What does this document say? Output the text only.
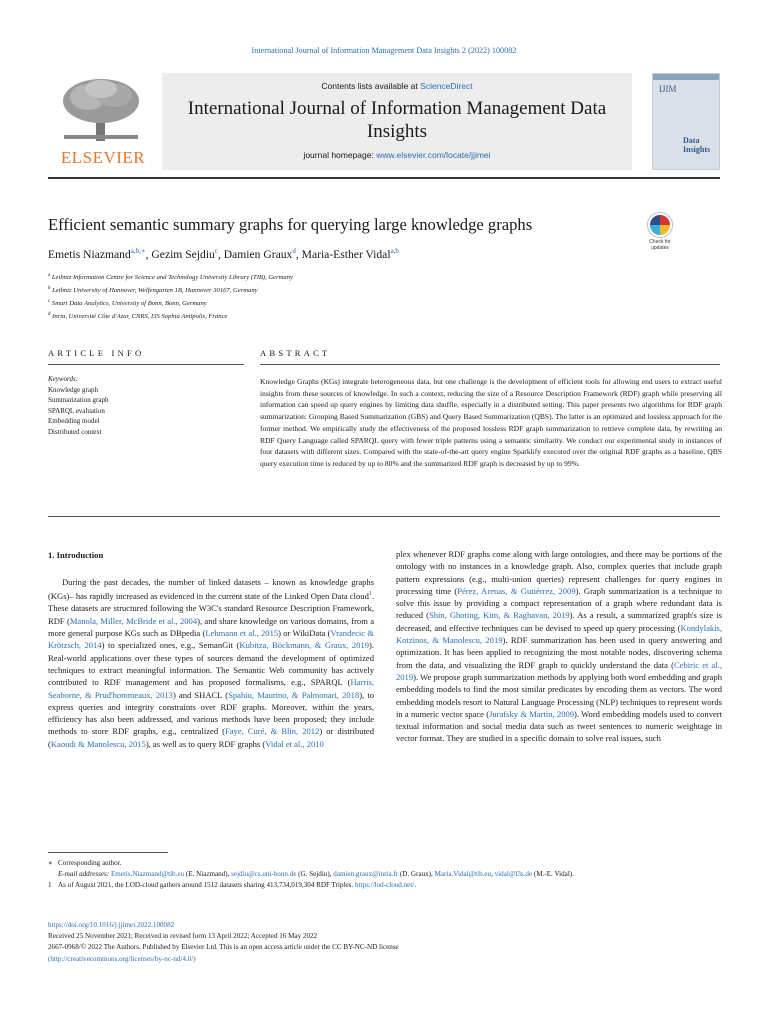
International Journal of Information Management Data Insights 2 (2022) 100082
ELSEVIER
Contents lists available at ScienceDirect
International Journal of Information Management Data Insights
journal homepage: www.elsevier.com/locate/jjimei
IJIM
Data
Insights
Efficient semantic summary graphs for querying large knowledge graphs
Check for updates
Emetis Niazmand$^{a,b,∗}$, Gezim Sejdiu$^c$, Damien Graux$^d$, Maria-Esther Vidal$^{a,b}$
$^a$ Leibniz Information Centre for Science and Technology University Library (TIB), Germany
$^b$ Leibniz University of Hannover, Welfengarten 1B, Hannover 30167, Germany
$^c$ Smart Data Analytics, University of Bonn, Bonn, Germany
$^d$ Inria, Université Côte d'Azur, CNRS, I3S Sophia Antipolis, France
ARTICLE INFO	ABSTRACT
Keywords:
Knowledge graph
Summarization graph
SPARQL evaluation
Embedding model
Distributed context
Knowledge Graphs (KGs) integrate heterogeneous data, but one challenge is the development of efficient tools for allowing end users to extract useful insights from these sources of knowledge. In such a context, reducing the size of a Resource Description Framework (RDF) graph while preserving all information can speed up query engines by limiting data shuffle, especially in a distributed setting. This paper presents two algorithms for RDF graph summarization: Grouping Based Summarization (GBS) and Query Based Summarization (QBS). The latter is an optimized and lossless approach for the former method. We empirically study the effectiveness of the proposed lossless RDF graph summarization to retrieve complete data, by rewriting an RDF Query Language called SPARQL query with fewer triple patterns using a semantic similarity. We conduct our experimental study in instances of four datasets with different sizes. Compared with the state-of-the-art query engine Sparklify executed over the original RDF graphs as a baseline, QBS query execution time is reduced by up to 80% and the summarized RDF graph is decreased by up to 99%.
1. Introduction

During the past decades, the number of linked datasets – known as knowledge graphs (KGs)– has rapidly increased as evidenced in the current state of the Linked Open Data cloud$^1$. These datasets are structured following the W3C's standard Resource Description Framework, RDF (Manola, Miller, McBride et al., 2004), and share knowledge on various domains, from a more general purpose KGs such as DBpedia (Lehmann et al., 2015) or WikiData (Vrandecic & Krötzsch, 2014) to specialized ones, e.g., SemanGit (Kubitza, Böckmann, & Graux, 2019). Real-world applications over these types of sources demand the development of optimized techniques to extract meaningful information. The Semantic Web community has actively contributed to RDF management and has proposed formalisms, e.g., SPARQL (Harris, Seaborne, & Prud'hommeaux, 2013) and SHACL (Spahiu, Maurino, & Palmonari, 2018), to express queries and integrity constraints over RDF graphs. Moreover, within the years, efficiency has also been addressed, and various methods have been proposed; they include methods to store RDF graphs, e.g., centralized (Faye, Curé, & Blin, 2012) or distributed (Kaoudi & Manolescu, 2015), as well as to query RDF graphs (Vidal et al., 2010

plex whenever RDF graphs come along with large ontologies, and there may be portions of the ontology with no instances in a knowledge graph. Also, complex queries that include graph pattern expressions (e.g., multi-union queries) represent challenges for query engines in processing time (Pérez, Arenas, & Gutiérrez, 2009). Graph summarization is a technique to solve this issue by providing a compact representation of a graph where redundant data is reduced (Shin, Ghoting, Kim, & Raghavan, 2019). As a result, a summarized graph's size is decreased, and effective techniques can be devised to speed up query processing (Kondylakis, Kotzinos, & Manolescu, 2019). RDF summarization has been used in query answering and optimization. It has been applied to recognizing the most notable nodes, discovering schema from the data, and visualizing the RDF graph to quickly understand the data (Cebiric et al., 2019). We propose graph summarization methods by applying both word embedding and graph embedding models to find the most similar predicates by encoding them as vectors. The word embedding models resort to Natural Language Processing (NLP) techniques to represent words in a numeric vector space (Jurafsky & Martin, 2009). Word embedding models used to convert textual information and social media data such as tweet sentences to numeric weightage in vector format. They are studied in a specific domain to solve real issues, such

∗ Corresponding author.
E-mail addresses: Emetis.Niazmand@tib.eu (E. Niazmand), sejdiu@cs.uni-bonn.de (G. Sejdiu), damien.graux@inria.fr (D. Graux), Maria.Vidal@tib.eu, vidal@l3s.de (M.-E. Vidal).
1 As of August 2021, the LOD-cloud gathers around 1512 datasets sharing 413,734,019,304 RDF Triples. https://lod-cloud.net/.
https://doi.org/10.1016/j.jjimei.2022.100082
Received 25 November 2021; Received in revised form 13 April 2022; Accepted 16 May 2022
2667-0968/© 2022 The Authors. Published by Elsevier Ltd. This is an open access article under the CC BY-NC-ND license
(http://creativecommons.org/licenses/by-nc-nd/4.0/)
